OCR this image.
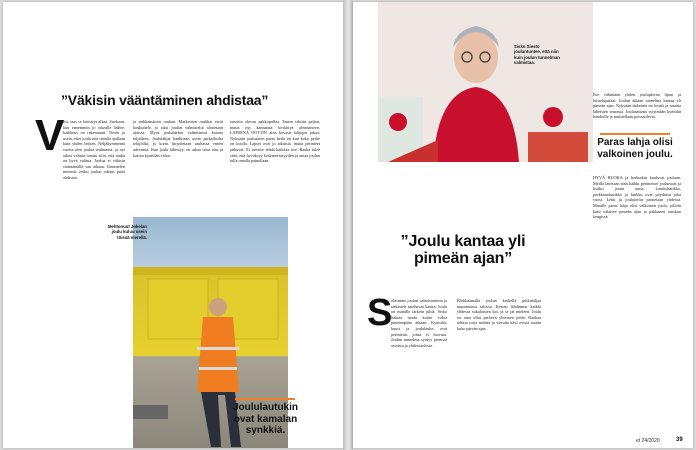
”Väkisin vääntäminen ahdistaa”
V
iisi, taas se höösstys alkaa. Suokaan, kun ennemmin jo oikealle lähtee, kaikkeus on rakentunut. Tiesin jo usein, ettei joulu tule omalla ajallaan kuin yhden hetken. Neljäkymmentä vuotta olen joulua touhunnut, ja nyt oikea valinta tuntuu siltä, että rauha on hyvä valinta. Joulua ei väkisin vääntämällä saa aikaan. Ihmettelen monesti, miksi joulun odotus pitää ahdistaa.
ja tarkkamaisen rauhan. Markettien ruuhkat eivät houkuttele, ja siksi joulun valmistelut aloitetaan ajoissa. Myös jouluherkut valmistuvat kotona hiljalleen. Joululahjat hankitaan usein paikallisilta tekijöiltä, ja kortit kirjoitetaan rauhassa ennen adventtia. Kun joulu lähestyy, on aikaa istua alas ja katsoa kynttilän valoa.
tarvetta olevan pakkopullaa. Ennen tehtiin paljon, mutta nyt kannattaa keskittyä olennaiseen. LAPSENA OOTTIN aina kovasti lahjojen jakoa. Nykyään jouluaaton paras hetki on kun koko perhe on koolla. Lapset ovat jo aikuisia, mutta perinteet jatkuvat. Ei tarvitse tehdä kaikkea itse. Rauha tulee siitä, että hyväksyy keskeneräisyyden ja antaa joulun tulla omalla painollaan.
Mehtonuut Jokelan joulu kuluu usein töissä merellä.
Joululautukin ovat kamalan synkkiä.
Sisko Siesto jouluntuntee, että niin kuin joulun tunnelman valmistaa.
”Joulu kantaa yli pimeän ajan”
S
olasmme joulun valmistamista ja tarkasteli mieluisaa kautta. Joulu on minulle tärkein juhla. Sisko haluaa tuoda kotiin valoa pimeimpään aikaan. Kynttilät, kuusi ja joululaulut ovat perinteitä, joista ei luovuta. Joulun tunnelma syntyy pienistä asioista ja yhdessäolosta.
Blokkaamalla joulun keskellä pikkuhiljaa muutamissa talossa. Kerran lähdimme kaikki yhdessä sukulaisten luo, ja se jäi mieleen. Joulu on aina ollut perheen yhteinen juhla. Ruokaa tehtiin isoja määriä ja vieraita kävi ovista sisään koko päivän ajan.
Ilse vähintään yhden joulupäivän lipun ja luistelupaikat. Joulun aikaan tunnelma kantaa yli pimeän ajan. Nykyään tärkeintä on levätä ja nauttia läheisten seurasta. Jouluaattona sytytetään kynttilät haudoille ja muistellaan poissaolevia.
Paras lahja olisi valkoinen joulu.
HYVÄ RUOKA ja herkutkin kuuluvat jouluun. Meillä laitetaan aina kaikki perinteiset jouluruoat ja lisäksi jotain uutta. Lanttulaatikko, porkkanalaatikko ja kinkku ovat pöydässä joka vuosi. Letut ja joulutortut paistetaan yhdessä. Minulle paras lahja olisi valkoinen joulu, jolloin lumi valaisee pimeän ajan ja pakkanen narskuu kengissä.
et 24/2020	39
